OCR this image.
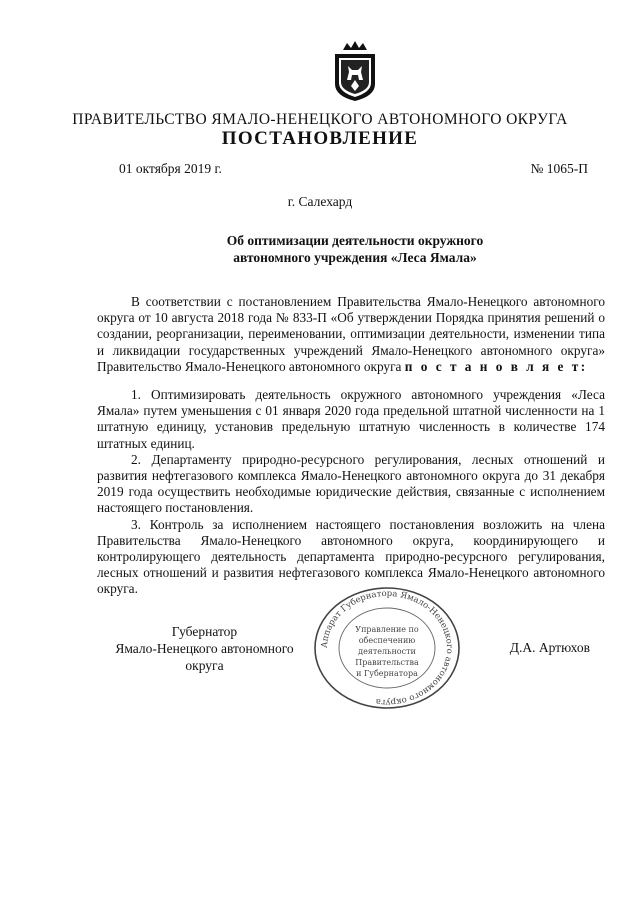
ПРАВИТЕЛЬСТВО ЯМАЛО-НЕНЕЦКОГО АВТОНОМНОГО ОКРУГА
ПОСТАНОВЛЕНИЕ
01 октября 2019 г.	№ 1065-П
г. Салехард
Об оптимизации деятельности окружного
автономного учреждения «Леса Ямала»

В соответствии с постановлением Правительства Ямало-Ненецкого автономного округа от 10 августа 2018 года № 833-П «Об утверждении Порядка принятия решений о создании, реорганизации, переименовании, оптимизации деятельности, изменении типа и ликвидации государственных учреждений Ямало-Ненецкого автономного округа» Правительство Ямало-Ненецкого автономного округа п о с т а н о в л я е т:

1. Оптимизировать деятельность окружного автономного учреждения «Леса Ямала» путем уменьшения с 01 января 2020 года предельной штатной численности на 1 штатную единицу, установив предельную штатную численность в количестве 174 штатных единиц.

2. Департаменту природно-ресурсного регулирования, лесных отношений и развития нефтегазового комплекса Ямало-Ненецкого автономного округа до 31 декабря 2019 года осуществить необходимые юридические действия, связанные с исполнением настоящего постановления.

3. Контроль за исполнением настоящего постановления возложить на члена Правительства Ямало-Ненецкого автономного округа, координирующего и контролирующего деятельность департамента природно-ресурсного регулирования, лесных отношений и развития нефтегазового комплекса Ямало-Ненецкого автономного округа.

Губернатор
Ямало-Ненецкого автономного округа
Д.А. Артюхов
Аппарат Губернатора Ямало-Ненецкого автономного округа
Управление по
обеспечению
деятельности
Правительства
и Губернатора
